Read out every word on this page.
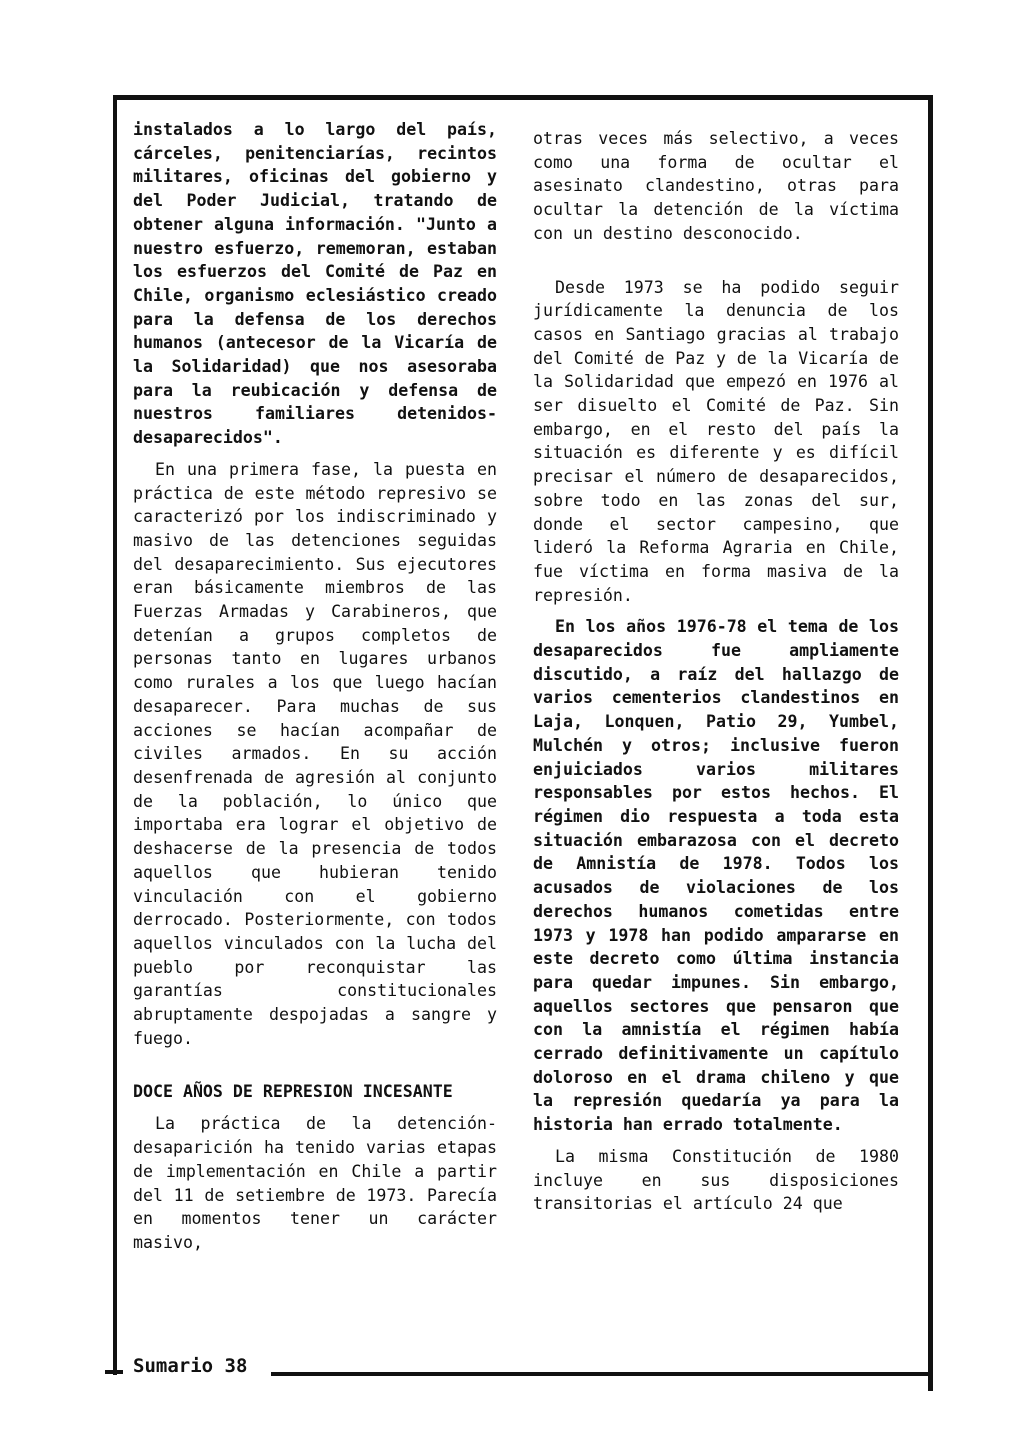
Sumario 38

instalados a lo largo del país, cárceles, penitenciarías, recintos militares, oficinas del gobierno y del Poder Judicial, tratando de obtener alguna información. "Junto a nuestro esfuerzo, rememoran, estaban los esfuerzos del Comité de Paz en Chile, organismo eclesiástico creado para la defensa de los derechos humanos (antecesor de la Vicaría de la Solidaridad) que nos asesoraba para la reubicación y defensa de nuestros familiares detenidos-desaparecidos".

En una primera fase, la puesta en práctica de este método represivo se caracterizó por los indiscriminado y masivo de las detenciones seguidas del desaparecimiento. Sus ejecutores eran básicamente miembros de las Fuerzas Armadas y Carabineros, que detenían a grupos completos de personas tanto en lugares urbanos como rurales a los que luego hacían desaparecer. Para muchas de sus acciones se hacían acompañar de civiles armados. En su acción desenfrenada de agresión al conjunto de la población, lo único que importaba era lograr el objetivo de deshacerse de la presencia de todos aquellos que hubieran tenido vinculación con el gobierno derrocado. Posteriormente, con todos aquellos vinculados con la lucha del pueblo por reconquistar las garantías constitucionales abruptamente despojadas a sangre y fuego.

DOCE AÑOS DE REPRESION INCESANTE

La práctica de la detención-desaparición ha tenido varias etapas de implementación en Chile a partir del 11 de setiembre de 1973. Parecía en momentos tener un carácter masivo,

otras veces más selectivo, a veces como una forma de ocultar el asesinato clandestino, otras para ocultar la detención de la víctima con un destino desconocido.

Desde 1973 se ha podido seguir jurídicamente la denuncia de los casos en Santiago gracias al trabajo del Comité de Paz y de la Vicaría de la Solidaridad que empezó en 1976 al ser disuelto el Comité de Paz. Sin embargo, en el resto del país la situación es diferente y es difícil precisar el número de desaparecidos, sobre todo en las zonas del sur, donde el sector campesino, que lideró la Reforma Agraria en Chile, fue víctima en forma masiva de la represión.

En los años 1976-78 el tema de los desaparecidos fue ampliamente discutido, a raíz del hallazgo de varios cementerios clandestinos en Laja, Lonquen, Patio 29, Yumbel, Mulchén y otros; inclusive fueron enjuiciados varios militares responsables por estos hechos. El régimen dio respuesta a toda esta situación embarazosa con el decreto de Amnistía de 1978. Todos los acusados de violaciones de los derechos humanos cometidas entre 1973 y 1978 han podido ampararse en este decreto como última instancia para quedar impunes. Sin embargo, aquellos sectores que pensaron que con la amnistía el régimen había cerrado definitivamente un capítulo doloroso en el drama chileno y que la represión quedaría ya para la historia han errado totalmente.

La misma Constitución de 1980 incluye en sus disposiciones transitorias el artículo 24 que
